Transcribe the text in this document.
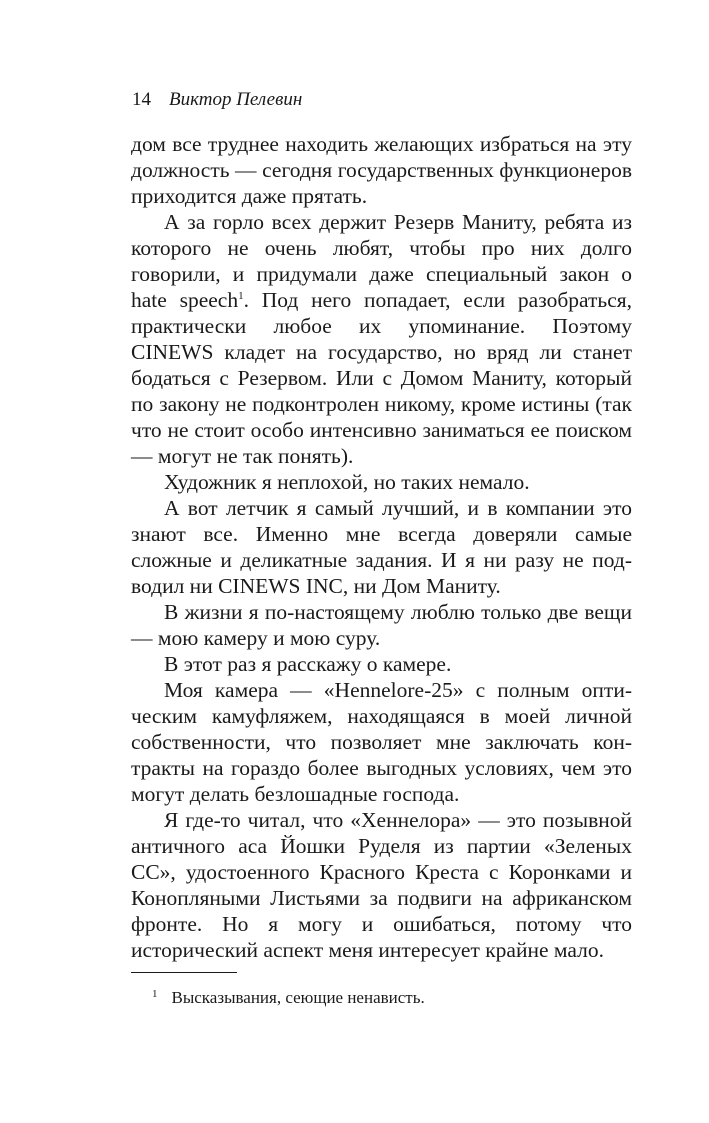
14 Виктор Пелевин

дом все труднее находить желающих избраться на эту должность — сегодня государственных функционеров приходится даже прятать.

А за горло всех держит Резерв Маниту, ребята из которого не очень любят, чтобы про них долго говорили, и придумали даже специальный закон о hate speech$^1$. Под него попадает, если разобраться, практически любое их упоминание. Поэтому CINEWS кладет на государство, но вряд ли станет бодаться с Резервом. Или с Домом Маниту, который по закону не подконтролен никому, кроме истины (так что не стоит особо интенсивно заниматься ее поиском — могут не так понять).

Художник я неплохой, но таких немало.

А вот летчик я самый лучший, и в компании это знают все. Именно мне всегда доверяли самые сложные и деликатные задания. И я ни разу не подводил ни CINEWS INC, ни Дом Маниту.

В жизни я по-настоящему люблю только две вещи — мою камеру и мою суру.

В этот раз я расскажу о камере.

Моя камера — «Hennelore-25» с полным оптическим камуфляжем, находящаяся в моей личной собственности, что позволяет мне заключать контракты на гораздо более выгодных условиях, чем это могут делать безлошадные господа.

Я где-то читал, что «Хеннелора» — это позывной античного аса Йошки Руделя из партии «Зеленых СС», удостоенного Красного Креста с Коронками и Конопляными Листьями за подвиги на африканском фронте. Но я могу и ошибаться, потому что исторический аспект меня интересует крайне мало.

$^1$ Высказывания, сеющие ненависть.
